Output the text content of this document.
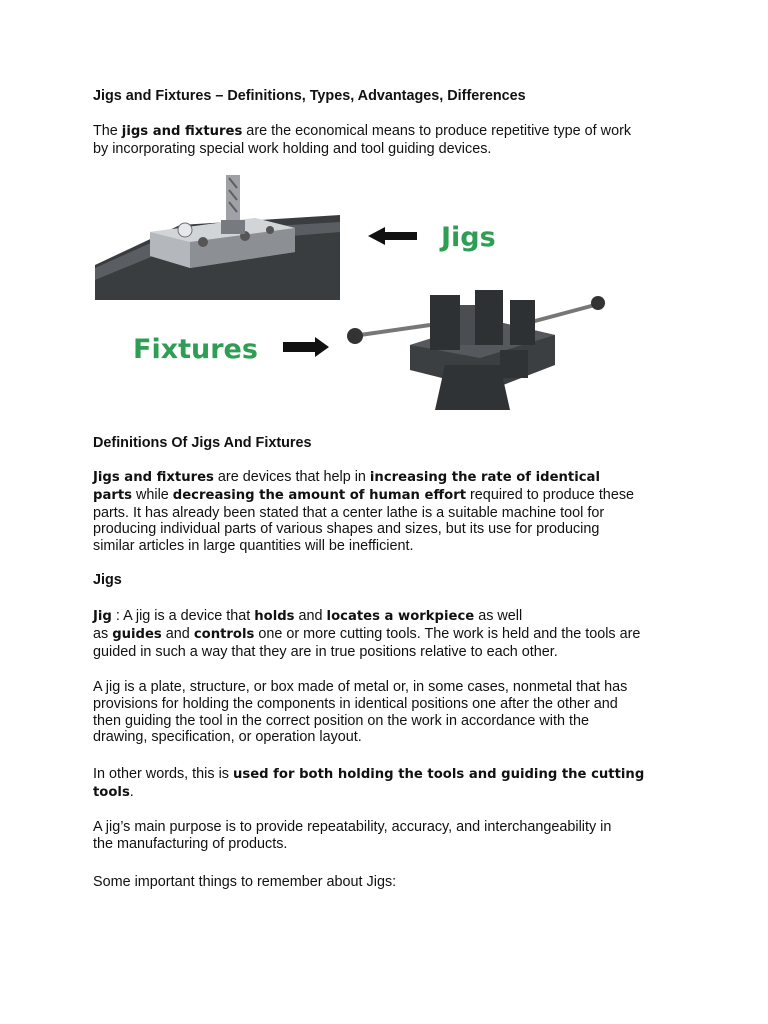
Jigs and Fixtures – Definitions, Types, Advantages, Differences
The jigs and fixtures are the economical means to produce repetitive type of work
by incorporating special work holding and tool guiding devices.
Definitions Of Jigs And Fixtures
Jigs and fixtures are devices that help in increasing the rate of identical
parts while decreasing the amount of human effort required to produce these
parts. It has already been stated that a center lathe is a suitable machine tool for
producing individual parts of various shapes and sizes, but its use for producing
similar articles in large quantities will be inefficient.
Jigs
Jig : A jig is a device that holds and locates a workpiece as well
as guides and controls one or more cutting tools. The work is held and the tools are
guided in such a way that they are in true positions relative to each other.
A jig is a plate, structure, or box made of metal or, in some cases, nonmetal that has
provisions for holding the components in identical positions one after the other and
then guiding the tool in the correct position on the work in accordance with the
drawing, specification, or operation layout.
In other words, this is used for both holding the tools and guiding the cutting
tools.
A jig’s main purpose is to provide repeatability, accuracy, and interchangeability in
the manufacturing of products.
Some important things to remember about Jigs:
Jigs
Fixtures
